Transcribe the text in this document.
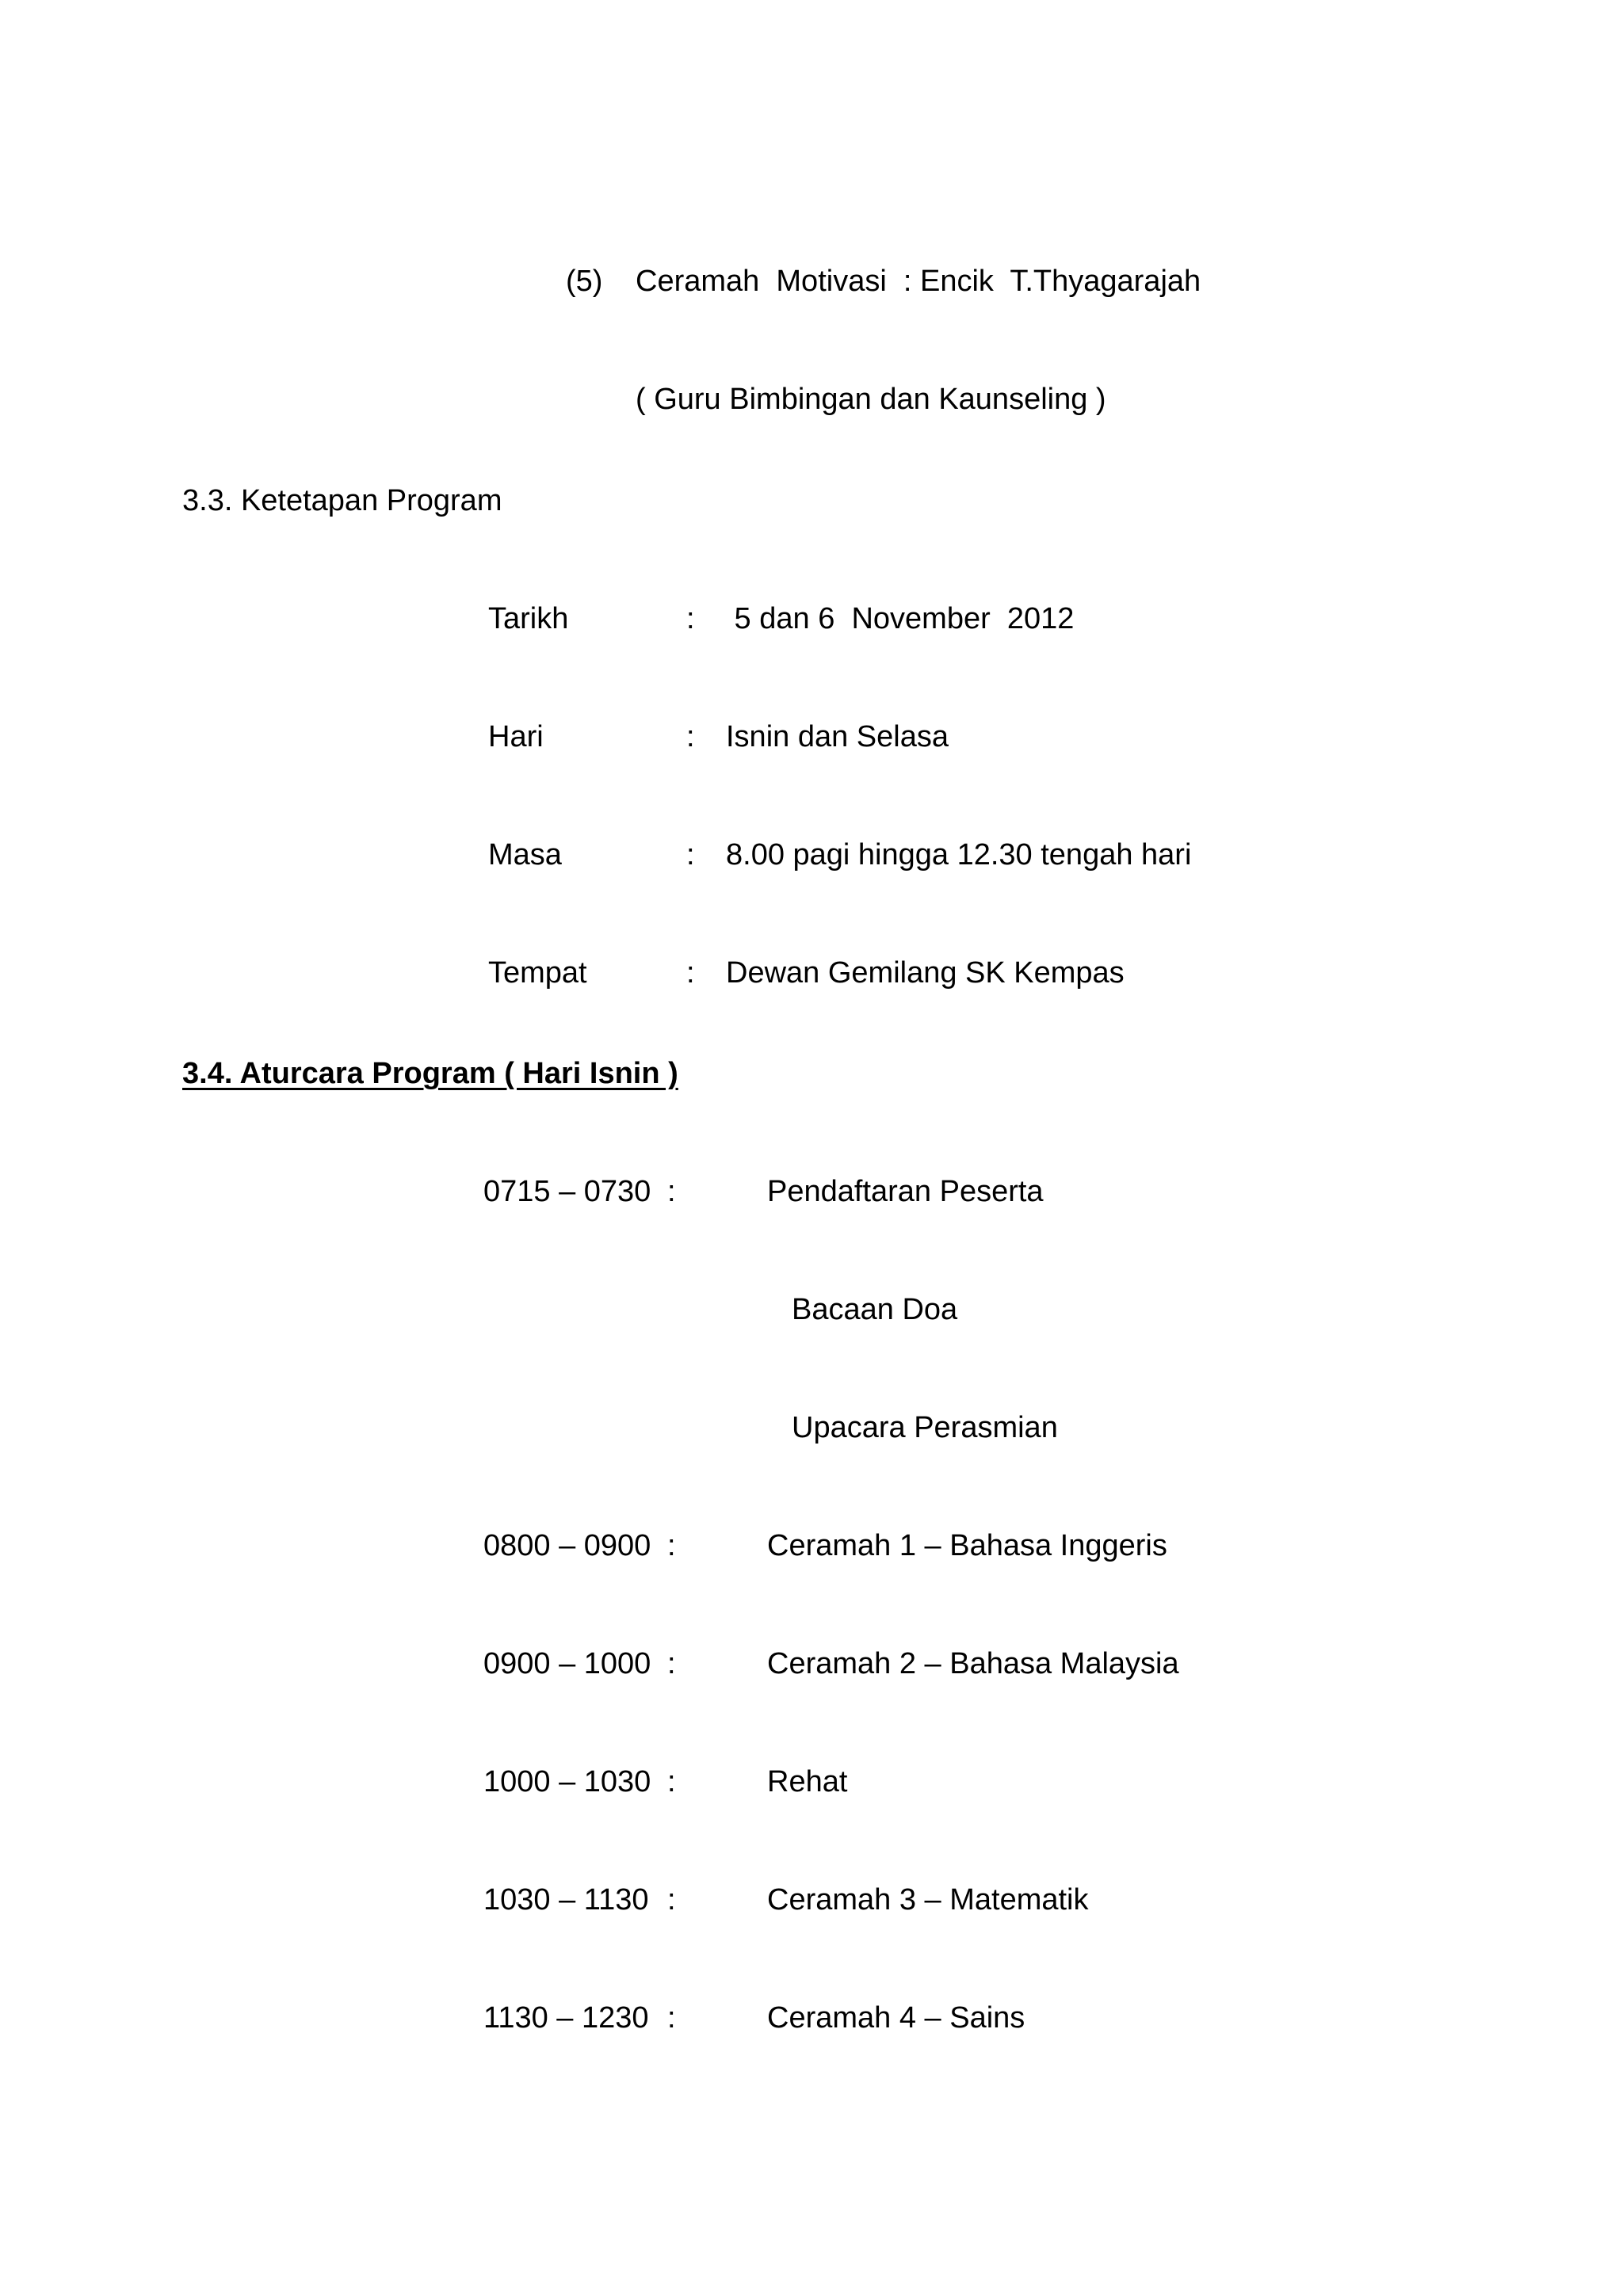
(5) Ceramah  Motivasi  : Encik  T.Thyagarajah
( Guru Bimbingan dan Kaunseling )
3.3. Ketetapan Program
Tarikh	: 5 dan 6  November  2012
Hari	: Isnin dan Selasa
Masa	: 8.00 pagi hingga 12.30 tengah hari
Tempat	: Dewan Gemilang SK Kempas
3.4. Aturcara Program ( Hari Isnin )
0715 – 0730 :	Pendaftaran Peserta
Bacaan Doa
Upacara Perasmian
0800 – 0900 :	Ceramah 1 – Bahasa Inggeris
0900 – 1000 :	Ceramah 2 – Bahasa Malaysia
1000 – 1030 :	Rehat
1030 – 1130 :	Ceramah 3 – Matematik
1130 – 1230 :	Ceramah 4 – Sains
